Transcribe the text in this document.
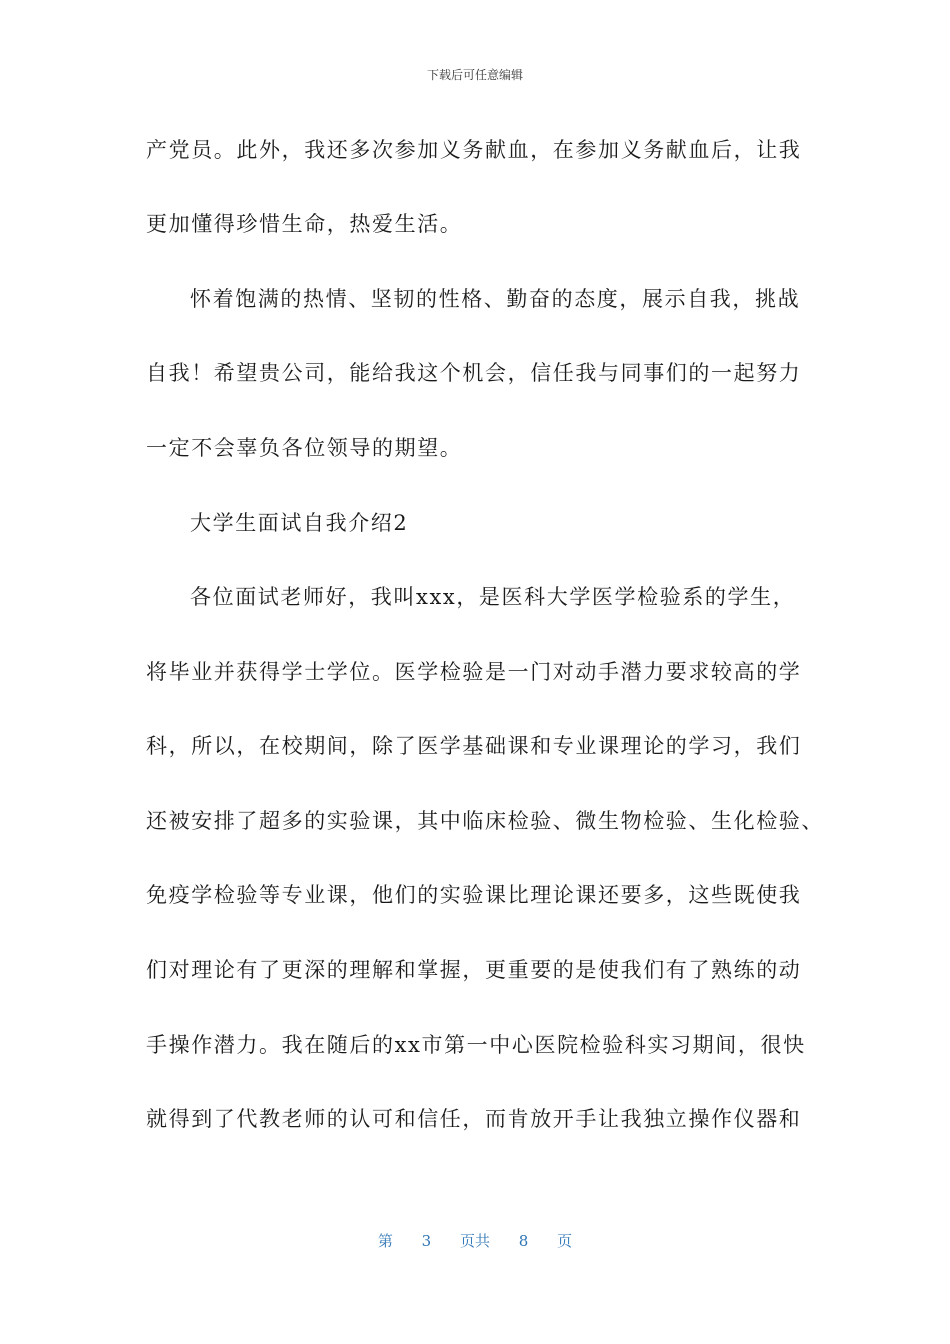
下载后可任意编辑
产党员。此外，我还多次参加义务献血，在参加义务献血后，让我
更加懂得珍惜生命，热爱生活。
怀着饱满的热情、坚韧的性格、勤奋的态度，展示自我，挑战
自我！希望贵公司，能给我这个机会，信任我与同事们的一起努力
一定不会辜负各位领导的期望。
大学生面试自我介绍2
各位面试老师好，我叫xxx，是医科大学医学检验系的学生，
将毕业并获得学士学位。医学检验是一门对动手潜力要求较高的学
科，所以，在校期间，除了医学基础课和专业课理论的学习，我们
还被安排了超多的实验课，其中临床检验、微生物检验、生化检验、
免疫学检验等专业课，他们的实验课比理论课还要多，这些既使我
们对理论有了更深的理解和掌握，更重要的是使我们有了熟练的动
手操作潜力。我在随后的xx市第一中心医院检验科实习期间，很快
就得到了代教老师的认可和信任，而肯放开手让我独立操作仪器和
第 3 页共 8 页
